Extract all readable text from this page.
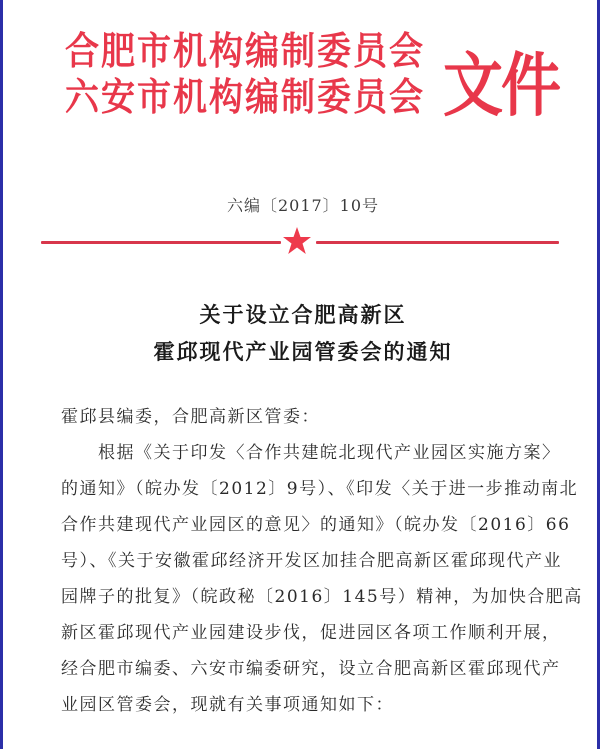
合肥市机构编制委员会
六安市机构编制委员会 文件
六编〔2017〕10号
关于设立合肥高新区
霍邱现代产业园管委会的通知
霍邱县编委，合肥高新区管委：
　　根据《关于印发〈合作共建皖北现代产业园区实施方案〉
的通知》（皖办发〔2012〕9号）、《印发〈关于进一步推动南北
合作共建现代产业园区的意见〉的通知》（皖办发〔2016〕66
号）、《关于安徽霍邱经济开发区加挂合肥高新区霍邱现代产业
园牌子的批复》（皖政秘〔2016〕145号）精神，为加快合肥高
新区霍邱现代产业园建设步伐，促进园区各项工作顺利开展，
经合肥市编委、六安市编委研究，设立合肥高新区霍邱现代产
业园区管委会，现就有关事项通知如下：
